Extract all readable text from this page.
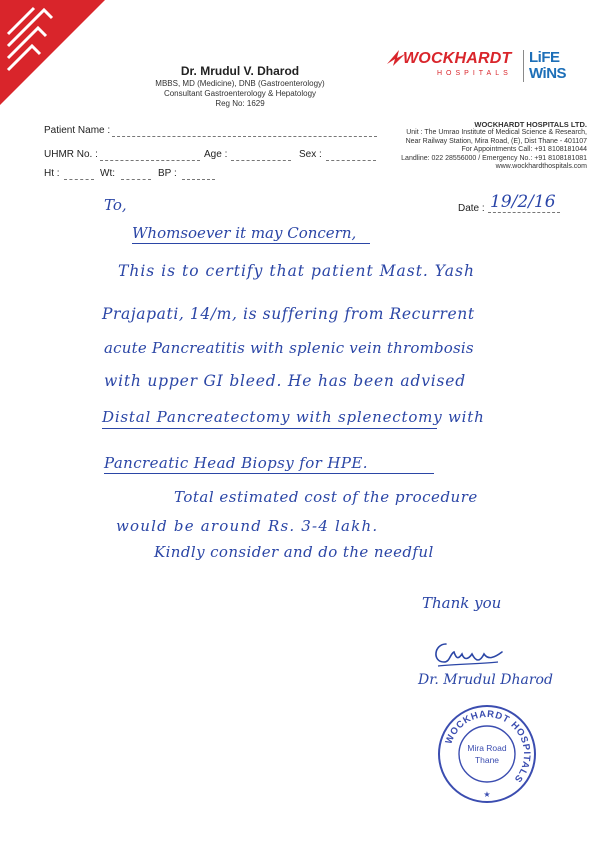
Dr. Mrudul V. Dharod
MBBS, MD (Medicine), DNB (Gastroenterology)
Consultant Gastroenterology & Hepatology
Reg No: 1629
WOCKHARDT
HOSPITALS
LiFE
WiNS
WOCKHARDT HOSPITALS LTD.
Unit : The Umrao Institute of Medical Science & Research,
Near Railway Station, Mira Road, (E), Dist Thane - 401107
For Appointments Call: +91 8108181044
Landline: 022 28556000 / Emergency No.: +91 8108181081
www.wockhardthospitals.com
Patient Name :
UHMR No. :	Age :	Sex :
Ht :	Wt:	BP :
Date : 19/2/16
To,
Whomsoever it may Concern,
This is to certify that patient Mast. Yash
Prajapati, 14/m, is suffering from Recurrent
acute Pancreatitis with splenic vein thrombosis
with upper GI bleed. He has been advised
Distal Pancreatectomy with splenectomy with
Pancreatic Head Biopsy for HPE.
Total estimated cost of the procedure
would be around Rs. 3-4 lakh.
Kindly consider and do the needful
Thank you
Dr. Mrudul Dharod
WOCKHARDT HOSPITALS
★
Mira Road
Thane
